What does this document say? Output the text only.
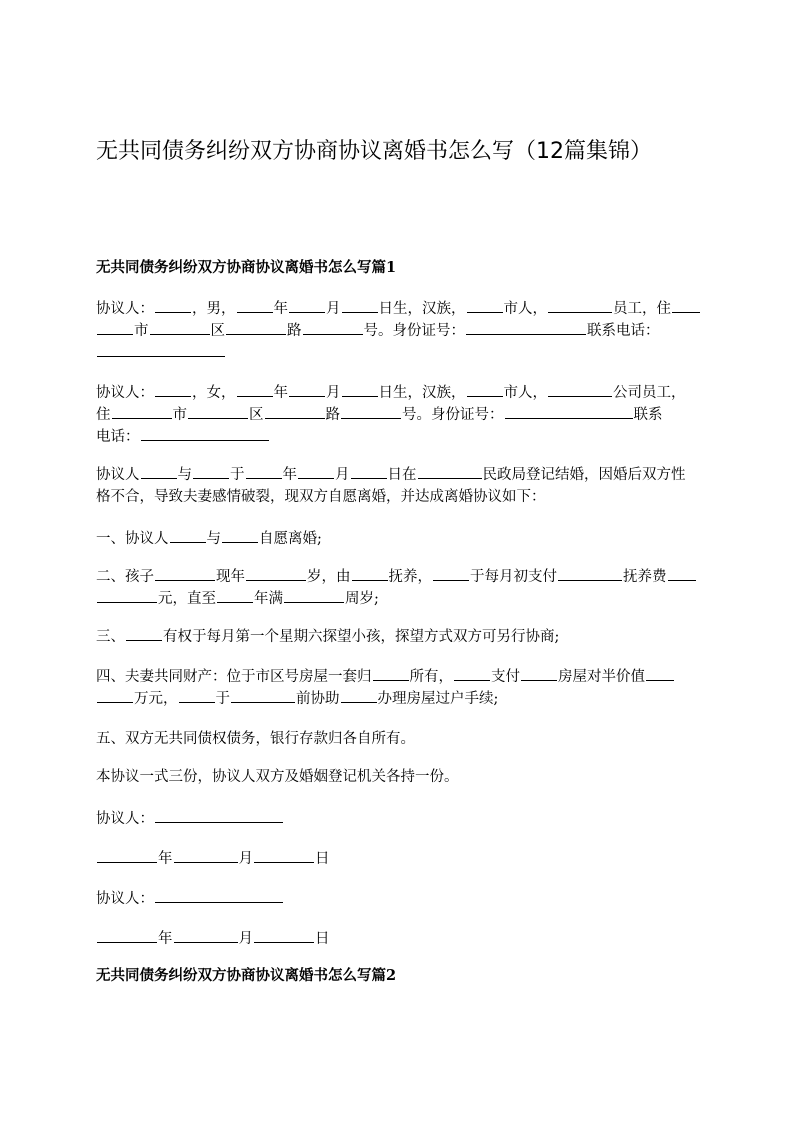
无共同债务纠纷双方协商协议离婚书怎么写（12篇集锦）
无共同债务纠纷双方协商协议离婚书怎么写篇1
协议人：	，男，	年	月	日生，汉族，	市人，	员工，住
市	区	路	号。身份证号：	联系电话：
协议人：	，女，	年	月	日生，汉族，	市人，	公司员工，
住	市	区	路	号。身份证号：	联系
电话：
协议人	与	于	年	月	日在	民政局登记结婚，因婚后双方性
格不合，导致夫妻感情破裂，现双方自愿离婚，并达成离婚协议如下：
一、协议人	与	自愿离婚;
二、孩子	现年	岁，由	抚养，	于每月初支付	抚养费
元，直至	年满	周岁;
三、	有权于每月第一个星期六探望小孩，探望方式双方可另行协商;
四、夫妻共同财产：位于市区号房屋一套归	所有，	支付	房屋对半价值
万元，	于	前协助	办理房屋过户手续;
五、双方无共同债权债务，银行存款归各自所有。
本协议一式三份，协议人双方及婚姻登记机关各持一份。
协议人：
年	月	日
协议人：
年	月	日
无共同债务纠纷双方协商协议离婚书怎么写篇2
